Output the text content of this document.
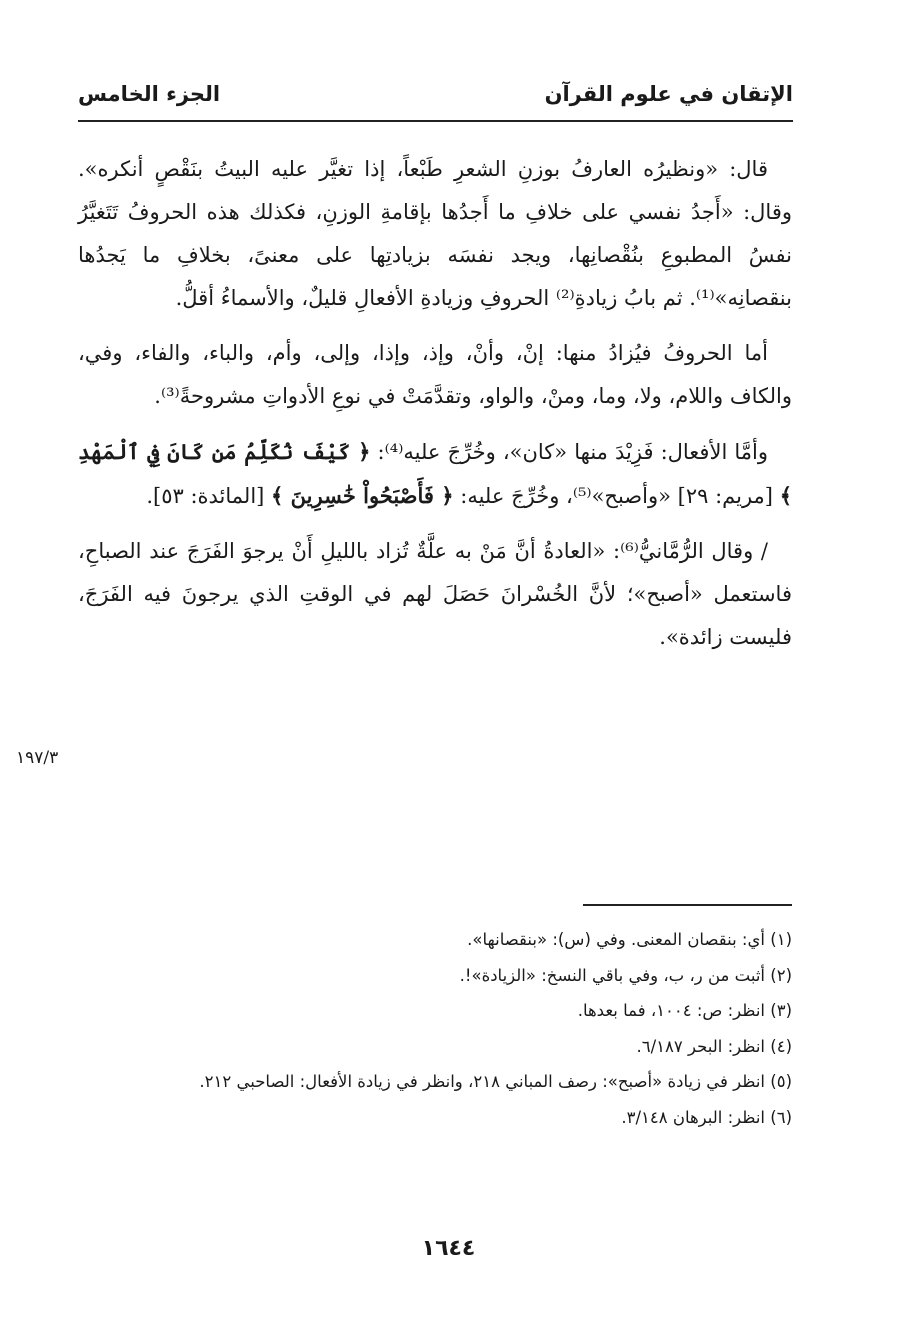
الإتقان في علوم القرآن
الجزء الخامس

قال: «ونظيرُه العارفُ بوزنِ الشعرِ طَبْعاً، إذا تغيَّر عليه البيتُ بنَقْصٍ أنكره». وقال: «أَجدُ نفسي على خلافِ ما أَجدُها بإقامةِ الوزنِ، فكذلك هذه الحروفُ تَتَغيَّرُ نفسُ المطبوعِ بنُقْصانِها، ويجد نفسَه بزيادتِها على معنىً، بخلافِ ما يَجدُها بنقصانِه»⁽¹⁾. ثم بابُ زيادةِ⁽²⁾ الحروفِ وزيادةِ الأفعالِ قليلٌ، والأسماءُ أقلُّ.

أما الحروفُ فيُزادُ منها: إنْ، وأنْ، وإذ، وإذا، وإلى، وأم، والباء، والفاء، وفي، والكاف واللام، ولا، وما، ومنْ، والواو، وتقدَّمَتْ في نوعِ الأدواتِ مشروحةً⁽³⁾.

وأمَّا الأفعال: فَزِيْدَ منها «كان»، وخُرِّجَ عليه⁽⁴⁾: ﴿ كَيْفَ نُكَلِّمُ مَن كَانَ فِي ٱلْمَهْدِ ﴾ [مريم: ٢٩] «وأصبح»⁽⁵⁾، وخُرِّجَ عليه: ﴿ فَأَصْبَحُواْ خَٰسِرِينَ ﴾ [المائدة: ٥٣].

/ وقال الرُّمَّانيُّ⁽⁶⁾: «العادةُ أنَّ مَنْ به علَّةٌ تُزاد بالليلِ أَنْ يرجوَ الفَرَجَ عند الصباحِ، فاستعمل «أصبح»؛ لأنَّ الخُسْرانَ حَصَلَ لهم في الوقتِ الذي يرجونَ فيه الفَرَجَ، فليست زائدة».

١٩٧/٣
(١) أي: بنقصان المعنى. وفي (س): «بنقصانها».
(٢) أثبت من ر، ب، وفي باقي النسخ: «الزيادة»!.
(٣) انظر: ص: ١٠٠٤، فما بعدها.
(٤) انظر: البحر ٦/١٨٧.
(٥) انظر في زيادة «أصبح»: رصف المباني ٢١٨، وانظر في زيادة الأفعال: الصاحبي ٢١٢.
(٦) انظر: البرهان ٣/١٤٨.
١٦٤٤
